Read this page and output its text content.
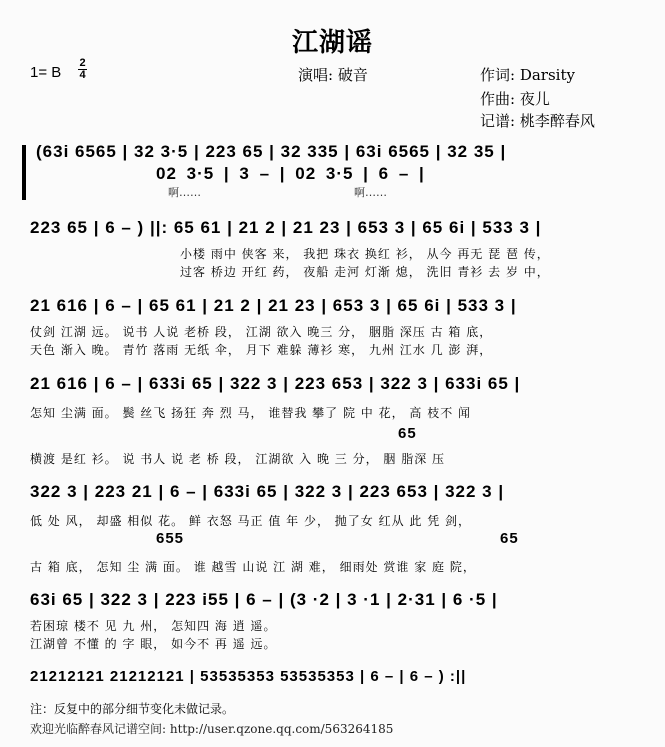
江湖谣
1= B
2
4	演唱: 破音	作词: Darsity
作曲: 夜儿
记谱: 桃李醉春风
(63i 6565 | 32 3·5 | 223 65 | 32 335 | 63i 6565 | 32 35 |
02 3·5 | 3 – | 02 3·5 | 6 – |
啊……	啊……
223 65 | 6 – ) ||: 65 61 | 21 2 | 21 23 | 653 3 | 65 6i | 533 3 |
小楼 雨中 侠客 来， 我把 珠衣 换红 衫， 从今 再无 琵 琶 传，
过客 桥边 开红 药， 夜船 走河 灯渐 熄， 洗旧 青衫 去 岁 中，
21 616 | 6 – | 65 61 | 21 2 | 21 23 | 653 3 | 65 6i | 533 3 |
仗剑 江湖 远。 说书 人说 老桥 段， 江湖 欲入 晚三 分， 胭脂 深压 古 箱 底，
天色 渐入 晚。 青竹 落雨 无纸 伞， 月下 难躲 薄衫 寒， 九州 江水 几 澎 湃，
21 616 | 6 – | 633i 65 | 322 3 | 223 653 | 322 3 | 633i 65 |
怎知 尘满 面。 鬓 丝飞 扬狂 奔 烈 马， 谁替我 攀了 院 中 花， 高 枝不 闻
65
横渡 是红 衫。 说 书人 说 老 桥 段， 江湖欲 入 晚 三 分， 胭 脂深 压
322 3 | 223 21 | 6 – | 633i 65 | 322 3 | 223 653 | 322 3 |
低 处 风， 却盛 相似 花。 鲜 衣怒 马正 值 年 少， 抛了女 红从 此 凭 剑，
655	65
古 箱 底， 怎知 尘 满 面。 谁 越雪 山说 江 湖 难， 细雨处 赏谁 家 庭 院，
63i 65 | 322 3 | 223 i55 | 6 – | (3 ·2 | 3 ·1 | 2·31 | 6 ·5 |
若困琼 楼不 见 九 州， 怎知四 海 逍 遥。
江湖曾 不懂 的 字 眼， 如今不 再 遥 远。
21212121 21212121 | 53535353 53535353 | 6 – | 6 – ) :||
注：反复中的部分细节变化未做记录。
欢迎光临醉春风记谱空间: http://user.qzone.qq.com/563264185
